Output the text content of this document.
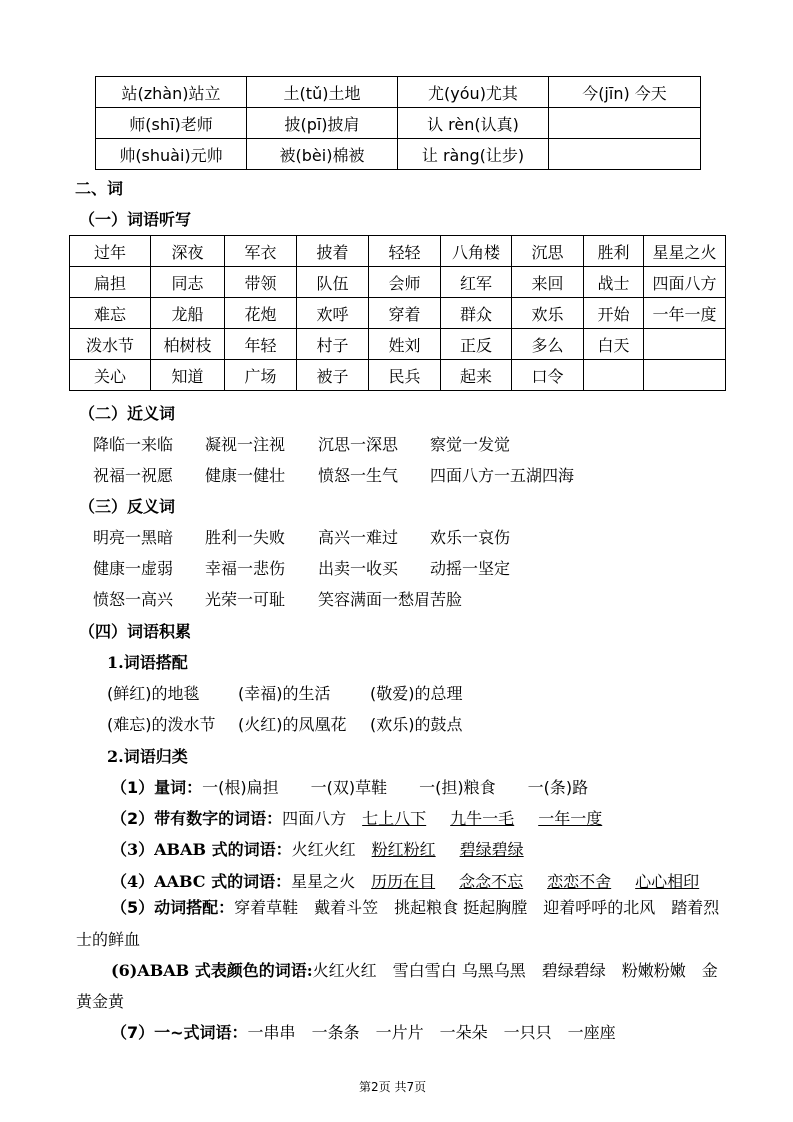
站(zhàn)站立	土(tǔ)土地	尤(yóu)尤其	今(jīn) 今天
师(shī)老师	披(pī)披肩	认 rèn(认真)	
帅(shuài)元帅	被(bèi)棉被	让 ràng(让步)	
二、词
（一）词语听写
过年	深夜	军衣	披着	轻轻	八角楼	沉思	胜利	星星之火
扁担	同志	带领	队伍	会师	红军	来回	战士	四面八方
难忘	龙船	花炮	欢呼	穿着	群众	欢乐	开始	一年一度
泼水节	柏树枝	年轻	村子	姓刘	正反	多么	白天	
关心	知道	广场	被子	民兵	起来	口令		
（二）近义词
降临一来临 凝视一注视 沉思一深思 察觉一发觉
祝福一祝愿 健康一健壮 愤怒一生气 四面八方一五湖四海
（三）反义词
明亮一黑暗 胜利一失败 高兴一难过 欢乐一哀伤
健康一虚弱 幸福一悲伤 出卖一收买 动摇一坚定
愤怒一高兴 光荣一可耻 笑容满面一愁眉苦脸
（四）词语积累
1.词语搭配
(鲜红)的地毯 (幸福)的生活 (敬爱)的总理
(难忘)的泼水节 (火红)的凤凰花 (欢乐)的鼓点
2.词语归类
（1）量词：一(根)扁担 一(双)草鞋 一(担)粮食 一(条)路
（2）带有数字的词语：四面八方 七上八下 九牛一毛 一年一度
（3）ABAB 式的词语：火红火红 粉红粉红 碧绿碧绿
（4）AABC 式的词语：星星之火 历历在目 念念不忘 恋恋不舍 心心相印
（5）动词搭配：穿着草鞋　戴着斗笠　挑起粮食 挺起胸膛　迎着呼呼的北风　踏着烈
士的鲜血
(6)ABAB 式表颜色的词语:火红火红　雪白雪白 乌黑乌黑　碧绿碧绿　粉嫩粉嫩　金
黄金黄
（7）一~式词语：一串串 一条条 一片片 一朵朵 一只只 一座座
第2页 共7页
